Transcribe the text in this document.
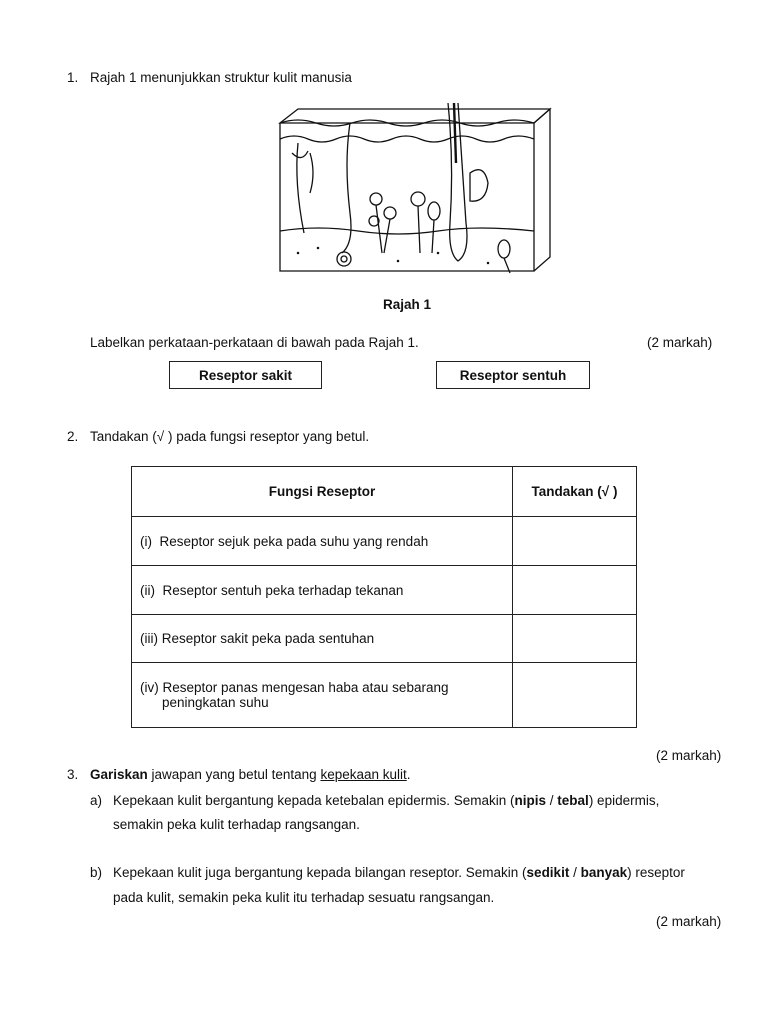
1. Rajah 1 menunjukkan struktur kulit manusia
Rajah 1
Labelkan perkataan-perkataan di bawah pada Rajah 1.	(2 markah)
Reseptor sakit	Reseptor sentuh
2. Tandakan (√ ) pada fungsi reseptor yang betul.
Fungsi Reseptor	Tandakan (√ )
(i) Reseptor sejuk peka pada suhu yang rendah	
(ii) Reseptor sentuh peka terhadap tekanan	
(iii) Reseptor sakit peka pada sentuhan	

(iv) Reseptor panas mengesan haba atau sebarang
peningkatan suhu	

(2 markah)
3. Gariskan jawapan yang betul tentang kepekaan kulit.
a) Kepekaan kulit bergantung kepada ketebalan epidermis. Semakin (nipis / tebal) epidermis,
semakin peka kulit terhadap rangsangan.
b) Kepekaan kulit juga bergantung kepada bilangan reseptor. Semakin (sedikit / banyak) reseptor
pada kulit, semakin peka kulit itu terhadap sesuatu rangsangan.
(2 markah)
